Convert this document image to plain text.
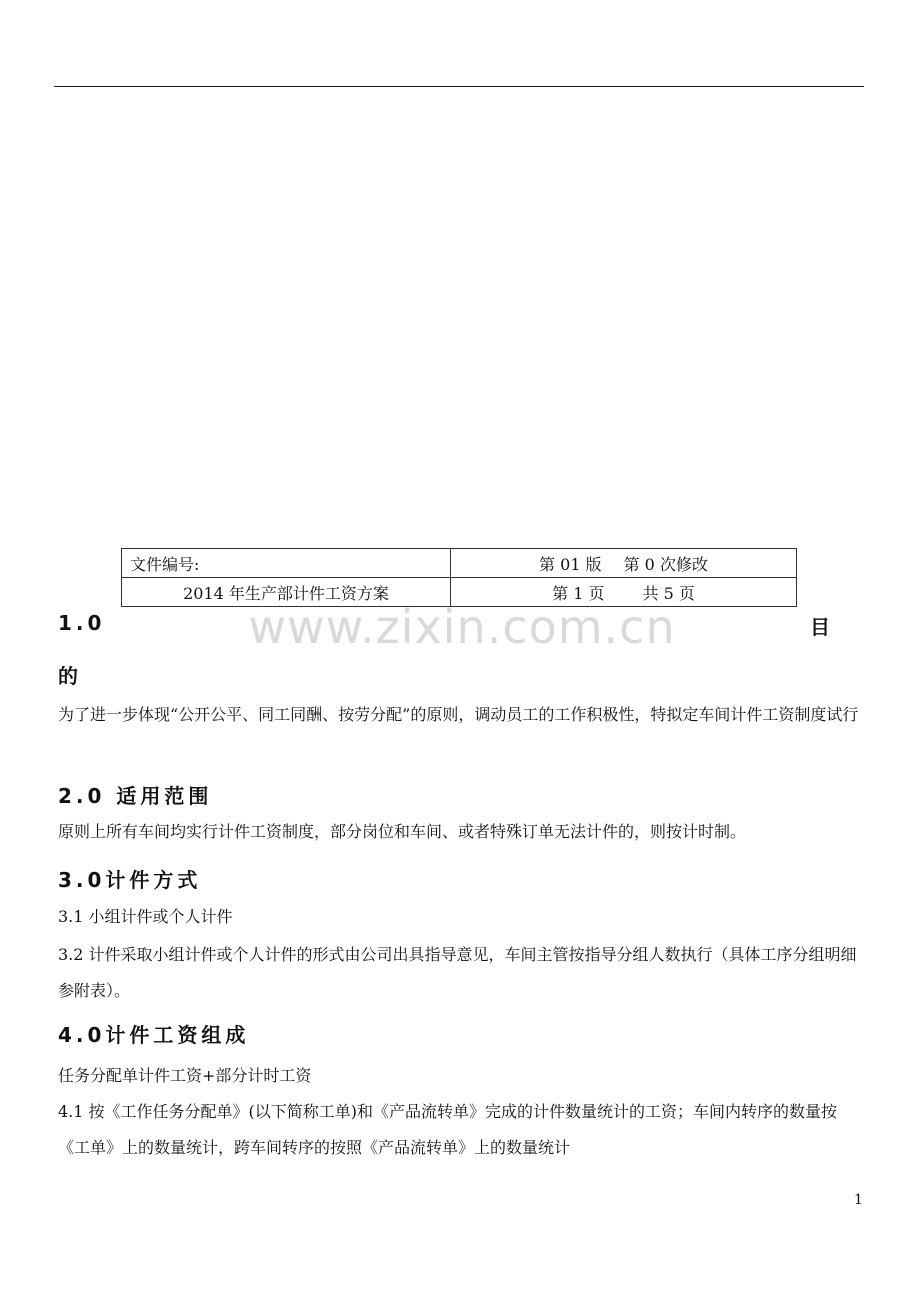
文件编号:	第 01 版 第 0 次修改
2014 年生产部计件工资方案	第 1 页 共 5 页
www.zixin.com.cn
1.0	目
的

为了进一步体现“公开公平、同工同酬、按劳分配”的原则，调动员工的工作积极性，特拟定车间计件工资制度试行

2.0 适用范围

原则上所有车间均实行计件工资制度，部分岗位和车间、或者特殊订单无法计件的，则按计时制。

3.0计件方式

3.1 小组计件或个人计件

3.2 计件采取小组计件或个人计件的形式由公司出具指导意见，车间主管按指导分组人数执行（具体工序分组明细参附表）。

4.0计件工资组成

任务分配单计件工资+部分计时工资

4.1 按《工作任务分配单》(以下简称工单)和《产品流转单》完成的计件数量统计的工资；车间内转序的数量按《工单》上的数量统计，跨车间转序的按照《产品流转单》上的数量统计

1
